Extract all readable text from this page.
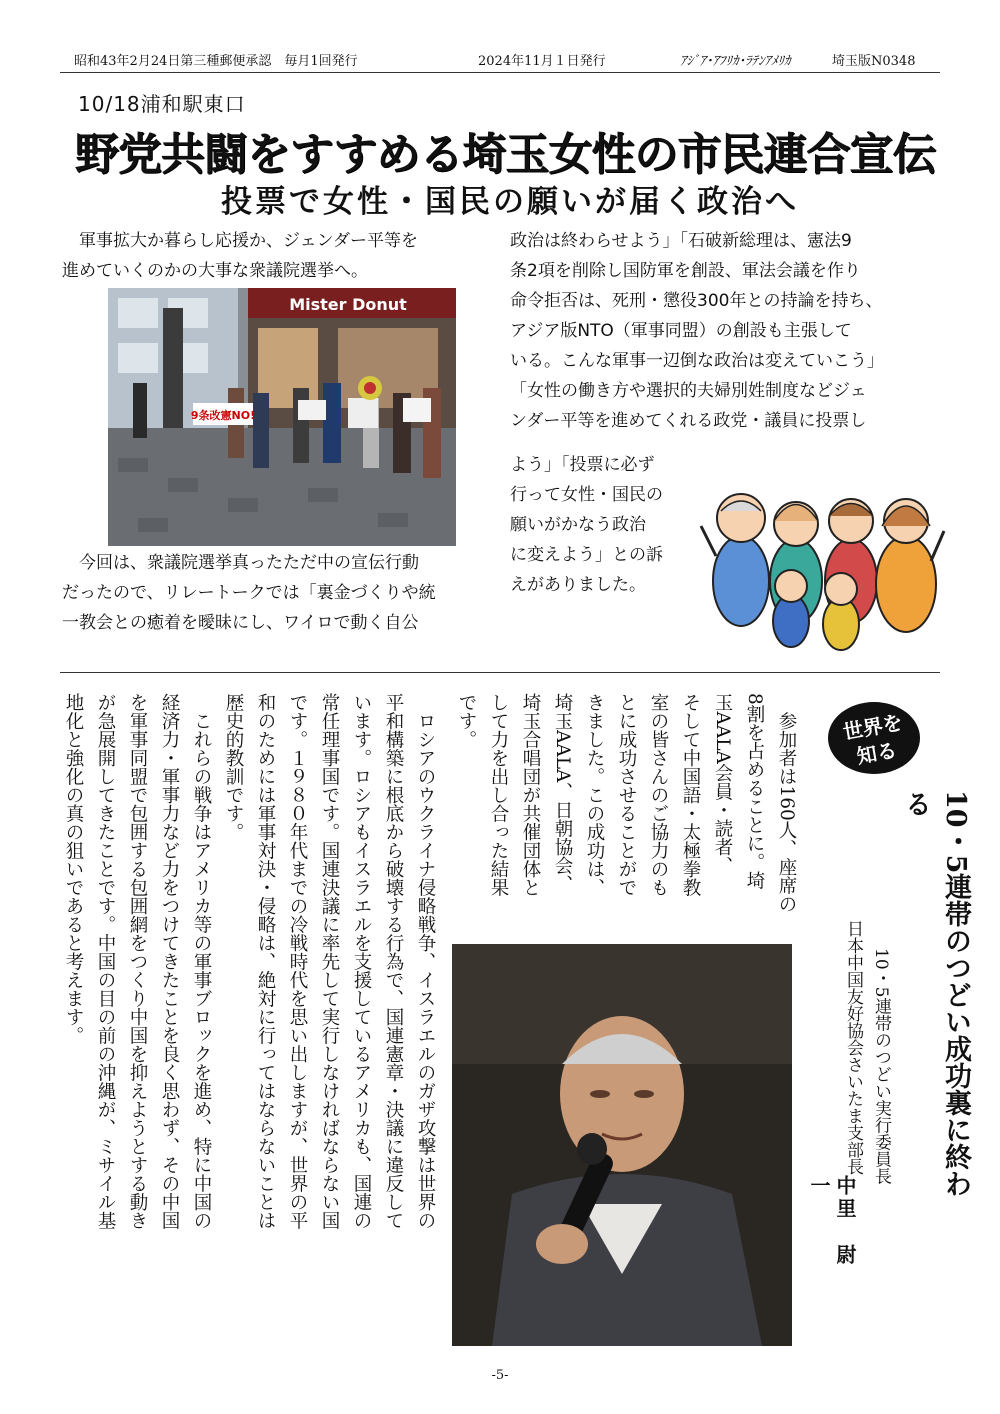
昭和43年2月24日第三種郵便承認　毎月1回発行	2024年11月１日発行	ｱｼﾞｱ･ｱﾌﾘｶ･ﾗﾃﾝｱﾒﾘｶ	埼玉版N0348
10/18浦和駅東口
野党共闘をすすめる埼玉女性の市民連合宣伝
投票で女性・国民の願いが届く政治へ
　軍事拡大か暮らし応援か、ジェンダー平等を
進めていくのかの大事な衆議院選挙へ。
Mister Donut
9条改憲NO!
　今回は、衆議院選挙真ったただ中の宣伝行動
だったので、リレートークでは「裏金づくりや統
一教会との癒着を曖昧にし、ワイロで動く自公
政治は終わらせよう」「石破新総理は、憲法9
条2項を削除し国防軍を創設、軍法会議を作り
命令拒否は、死刑・懲役300年との持論を持ち、
アジア版NTO（軍事同盟）の創設も主張して
いる。こんな軍事一辺倒な政治は変えていこう」
「女性の働き方や選択的夫婦別姓制度などジェ
ンダー平等を進めてくれる政党・議員に投票し
よう」「投票に必ず
行って女性・国民の
願いがかなう政治
に変えよう」との訴
えがありました。
世界を
知る
10・5連帯のつどい成功裏に終わる
10・5連帯のつどい実行委員長
日本中国友好協会さいたま支部長
中里　尉一
　参加者は160人、座席の
8割を占めることに。埼
玉AALA会員・読者、
そして中国語・太極拳教
室の皆さんのご協力のも
とに成功させることがで
きました。この成功は、
埼玉AALA、日朝協会、
埼玉合唱団が共催団体と
して力を出し合った結果
です。
　ロシアのウクライナ侵略戦争、イスラエルのガザ攻撃は世界の
平和構築に根底から破壊する行為で、国連憲章・決議に違反して
います。ロシアもイスラエルを支援しているアメリカも、国連の
常任理事国です。国連決議に率先して実行しなければならない国
です。１９８０年代までの冷戦時代を思い出しますが、世界の平
和のためには軍事対決・侵略は、絶対に行ってはならないことは
歴史的教訓です。
　これらの戦争はアメリカ等の軍事ブロックを進め、特に中国の
経済力・軍事力など力をつけてきたことを良く思わず、その中国
を軍事同盟で包囲する包囲網をつくり中国を抑えようとする動き
が急展開してきたことです。中国の目の前の沖縄が、ミサイル基
地化と強化の真の狙いであると考えます。
-5-
